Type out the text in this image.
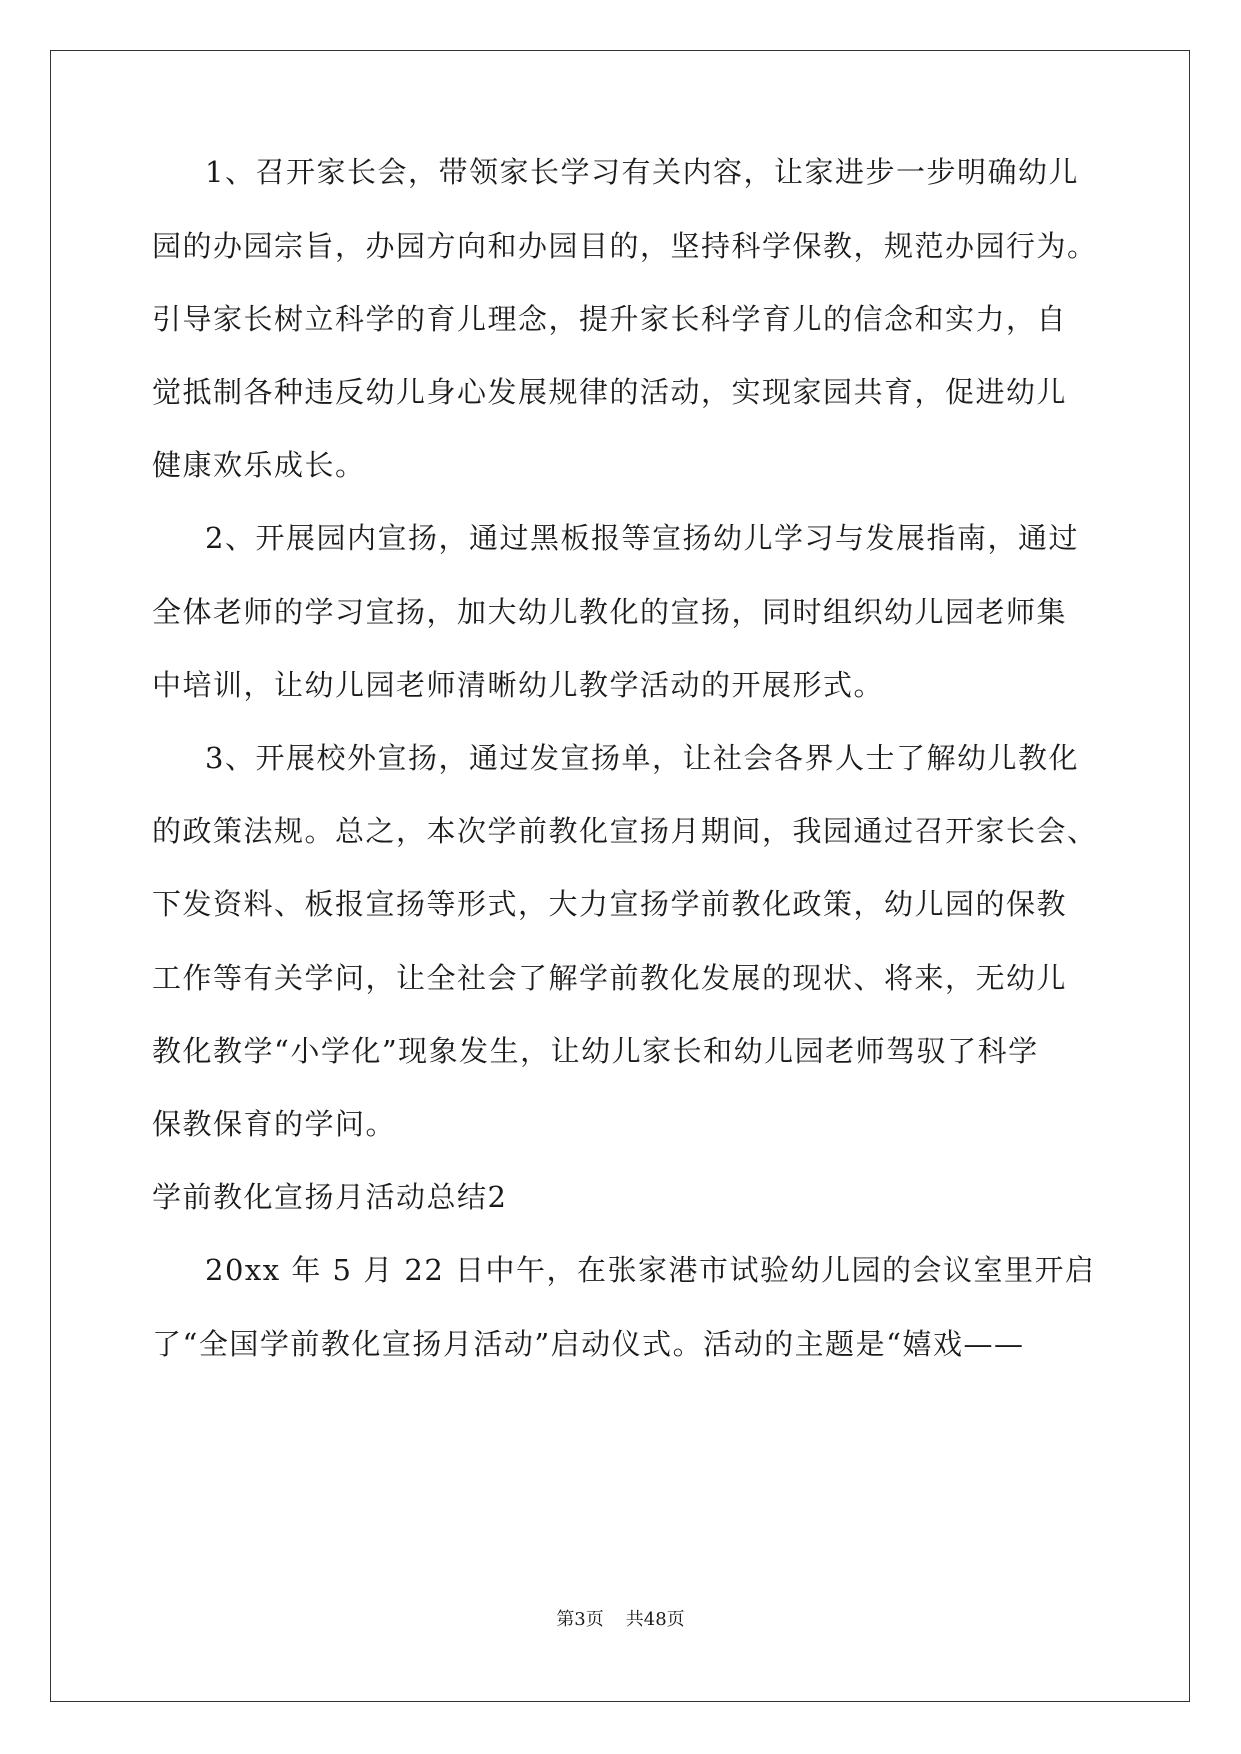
1、召开家长会，带领家长学习有关内容，让家进步一步明确幼儿
园的办园宗旨，办园方向和办园目的，坚持科学保教，规范办园行为。
引导家长树立科学的育儿理念，提升家长科学育儿的信念和实力，自
觉抵制各种违反幼儿身心发展规律的活动，实现家园共育，促进幼儿
健康欢乐成长。
2、开展园内宣扬，通过黑板报等宣扬幼儿学习与发展指南，通过
全体老师的学习宣扬，加大幼儿教化的宣扬，同时组织幼儿园老师集
中培训，让幼儿园老师清晰幼儿教学活动的开展形式。
3、开展校外宣扬，通过发宣扬单，让社会各界人士了解幼儿教化
的政策法规。总之，本次学前教化宣扬月期间，我园通过召开家长会、
下发资料、板报宣扬等形式，大力宣扬学前教化政策，幼儿园的保教
工作等有关学问，让全社会了解学前教化发展的现状、将来，无幼儿
教化教学“小学化”现象发生，让幼儿家长和幼儿园老师驾驭了科学
保教保育的学问。
学前教化宣扬月活动总结2
20xx 年 5 月 22 日中午，在张家港市试验幼儿园的会议室里开启
了“全国学前教化宣扬月活动”启动仪式。活动的主题是“嬉戏——
第3页 共48页
